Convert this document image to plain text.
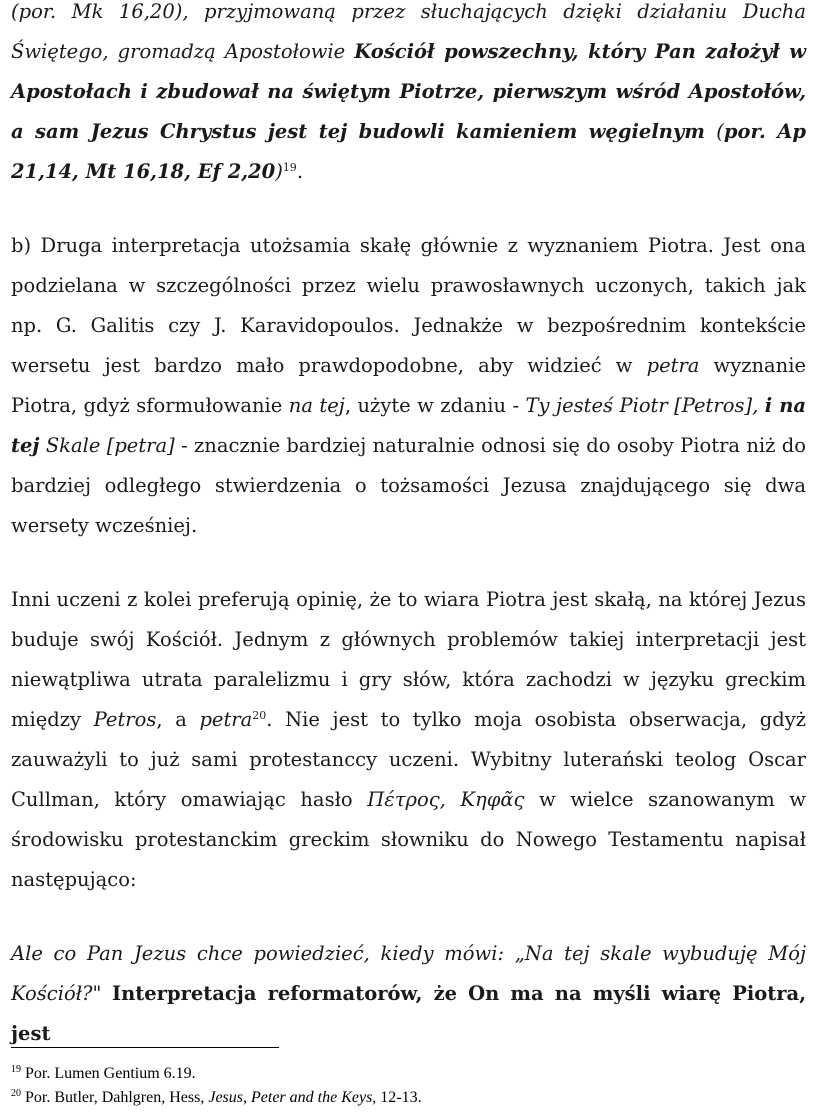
(por. Mk 16,20), przyjmowaną przez słuchających dzięki działaniu Ducha Świętego, gromadzą Apostołowie Kościół powszechny, który Pan założył w Apostołach i zbudował na świętym Piotrze, pierwszym wśród Apostołów, a sam Jezus Chrystus jest tej budowli kamieniem węgielnym (por. Ap 21,14, Mt 16,18, Ef 2,20)$^{19}$.

b) Druga interpretacja utożsamia skałę głównie z wyznaniem Piotra. Jest ona podzielana w szczególności przez wielu prawosławnych uczonych, takich jak np. G. Galitis czy J. Karavidopoulos. Jednakże w bezpośrednim kontekście wersetu jest bardzo mało prawdopodobne, aby widzieć w petra wyznanie Piotra, gdyż sformułowanie na tej, użyte w zdaniu - Ty jesteś Piotr [Petros], i na tej Skale [petra] - znacznie bardziej naturalnie odnosi się do osoby Piotra niż do bardziej odległego stwierdzenia o tożsamości Jezusa znajdującego się dwa wersety wcześniej.

Inni uczeni z kolei preferują opinię, że to wiara Piotra jest skałą, na której Jezus buduje swój Kościół. Jednym z głównych problemów takiej interpretacji jest niewątpliwa utrata paralelizmu i gry słów, która zachodzi w języku greckim między Petros, a petra$^{20}$. Nie jest to tylko moja osobista obserwacja, gdyż zauważyli to już sami protestanccy uczeni. Wybitny luterański teolog Oscar Cullman, który omawiając hasło Πέτρος, Κηφᾶς w wielce szanowanym w środowisku protestanckim greckim słowniku do Nowego Testamentu napisał następująco:

Ale co Pan Jezus chce powiedzieć, kiedy mówi: „Na tej skale wybuduję Mój Kościół?" Interpretacja reformatorów, że On ma na myśli wiarę Piotra, jest

$^{19}$ Por. Lumen Gentium 6.19.

$^{20}$ Por. Butler, Dahlgren, Hess, Jesus, Peter and the Keys, 12-13.
